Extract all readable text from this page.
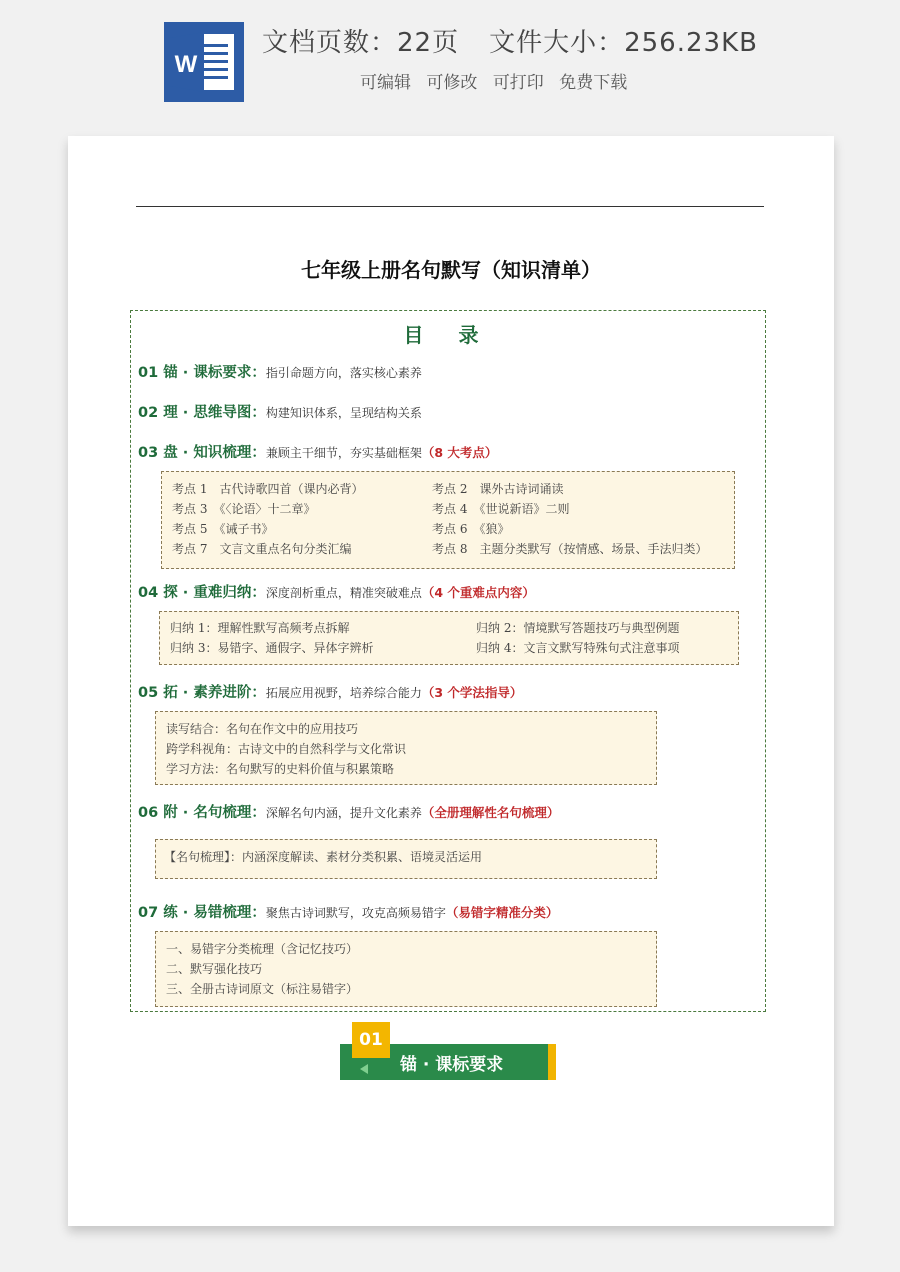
W
文档页数：22页 文件大小：256.23KB
可编辑 可修改 可打印 免费下载
七年级上册名句默写（知识清单）
目 录
01 锚 · 课标要求：指引命题方向，落实核心素养
02 理 · 思维导图：构建知识体系，呈现结构关系
03 盘 · 知识梳理：兼顾主干细节，夯实基础框架（8 大考点）
考点 1　古代诗歌四首（课内必背）	考点 2　课外古诗词诵读
考点 3　《〈论语〉十二章》	考点 4　《世说新语》二则
考点 5　《诫子书》	考点 6　《狼》
考点 7　文言文重点名句分类汇编	考点 8　主题分类默写（按情感、场景、手法归类）
04 探 · 重难归纳：深度剖析重点，精准突破难点（4 个重难点内容）
归纳 1：理解性默写高频考点拆解	归纳 2：情境默写答题技巧与典型例题
归纳 3：易错字、通假字、异体字辨析	归纳 4：文言文默写特殊句式注意事项
05 拓 · 素养进阶：拓展应用视野，培养综合能力（3 个学法指导）
读写结合：名句在作文中的应用技巧
跨学科视角：古诗文中的自然科学与文化常识
学习方法：名句默写的史料价值与积累策略
06 附 · 名句梳理：深解名句内涵，提升文化素养（全册理解性名句梳理）
【名句梳理】：内涵深度解读、素材分类积累、语境灵活运用
07 练 · 易错梳理：聚焦古诗词默写，攻克高频易错字（易错字精准分类）
一、易错字分类梳理（含记忆技巧）
二、默写强化技巧
三、全册古诗词原文（标注易错字）
01
锚 · 课标要求
